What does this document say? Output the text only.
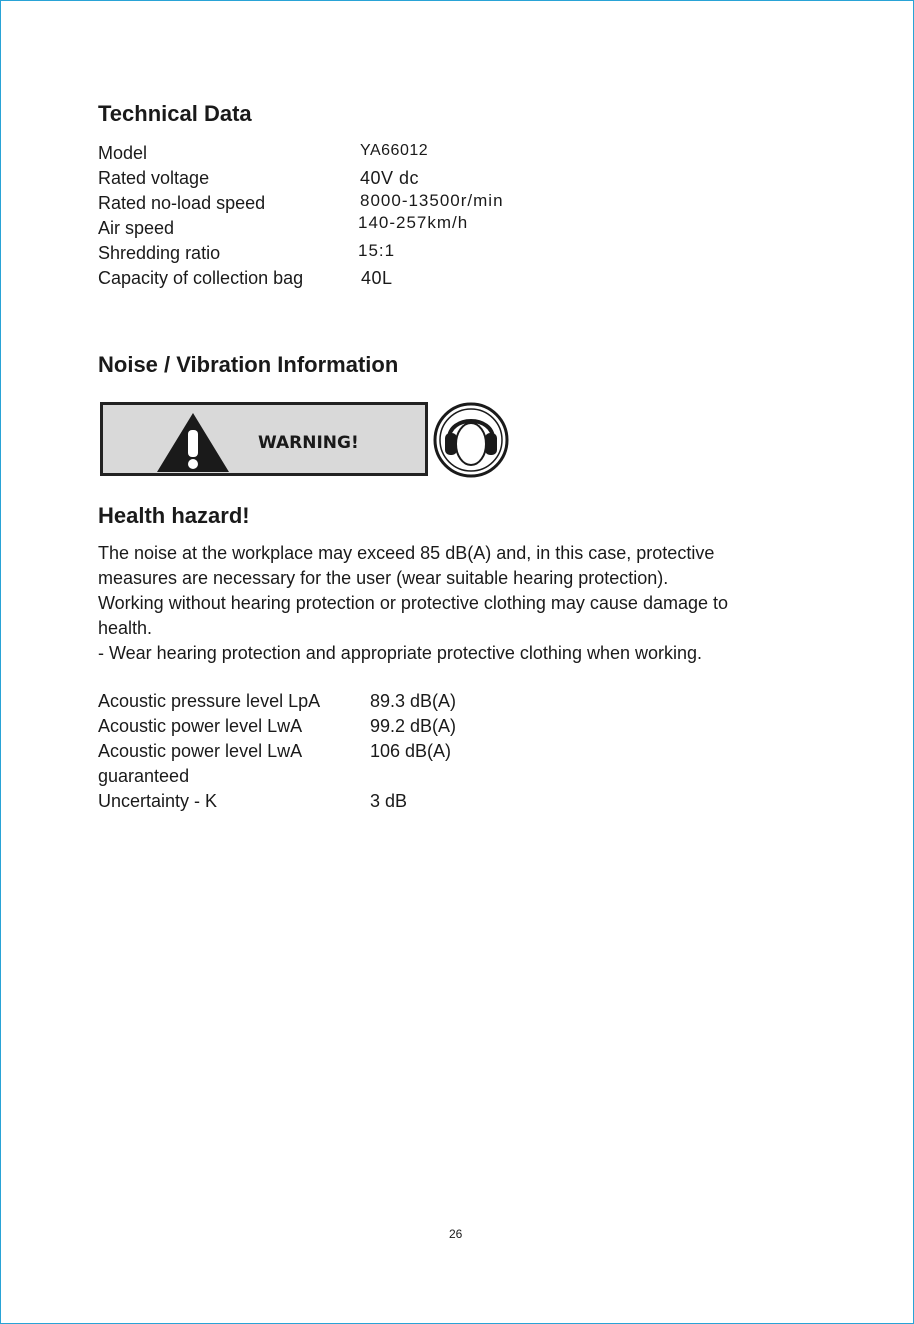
Technical Data
Model	YA66012
Rated voltage	40V dc
Rated no-load speed	8000-13500r/min
Air speed	140-257km/h
Shredding ratio	15:1
Capacity of collection bag	40L
Noise / Vibration Information
WARNING!
Health hazard!
The noise at the workplace may exceed 85 dB(A) and, in this case, protective
measures are necessary for the user (wear suitable hearing protection).
Working without hearing protection or protective clothing may cause damage to
health.
- Wear hearing protection and appropriate protective clothing when working.
Acoustic pressure level LpA	89.3 dB(A)
Acoustic power level LwA	99.2 dB(A)
Acoustic power level LwA	106 dB(A)
guaranteed
Uncertainty - K	3 dB
26
